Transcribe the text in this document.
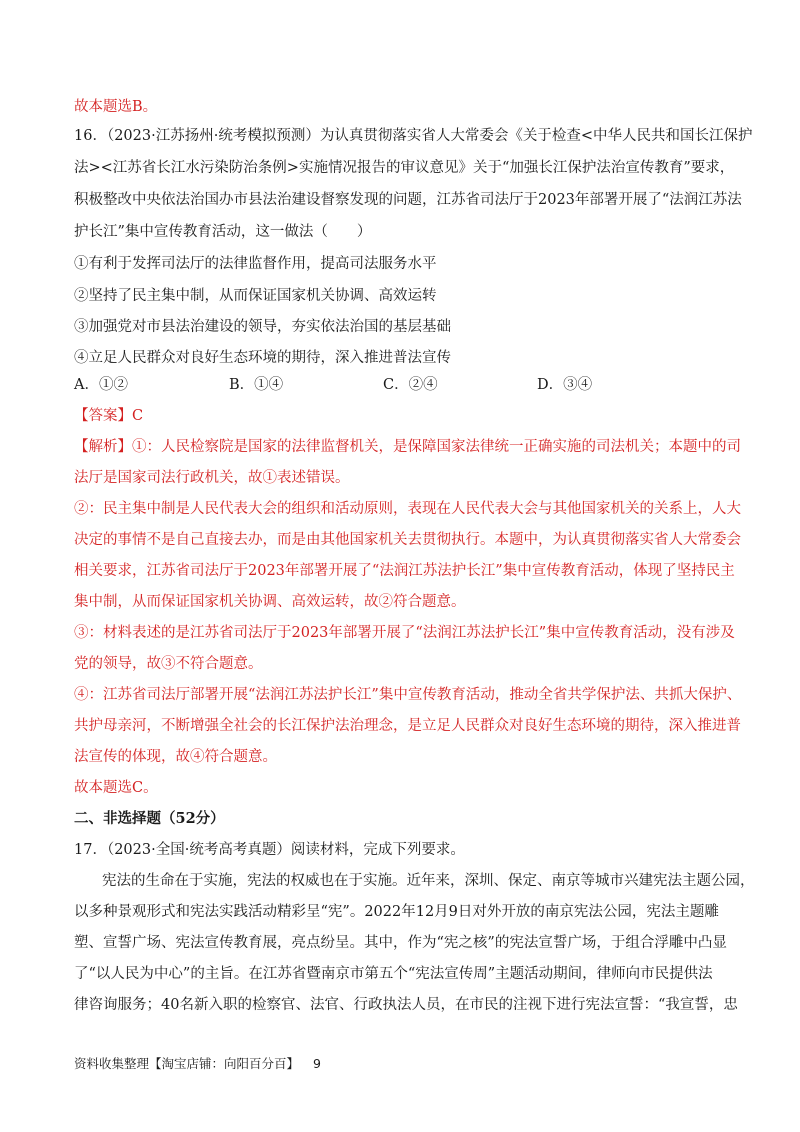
故本题选B。
16．（2023·江苏扬州·统考模拟预测）为认真贯彻落实省人大常委会《关于检查<中华人民共和国长江保护
法><江苏省长江水污染防治条例>实施情况报告的审议意见》关于“加强长江保护法治宣传教育”要求，
积极整改中央依法治国办市县法治建设督察发现的问题，江苏省司法厅于2023年部署开展了“法润江苏法
护长江”集中宣传教育活动，这一做法（　　）
①有利于发挥司法厅的法律监督作用，提高司法服务水平
②坚持了民主集中制，从而保证国家机关协调、高效运转
③加强党对市县法治建设的领导，夯实依法治国的基层基础
④立足人民群众对良好生态环境的期待，深入推进普法宣传
A．①②	B．①④	C．②④	D．③④
【答案】C
【解析】①：人民检察院是国家的法律监督机关，是保障国家法律统一正确实施的司法机关；本题中的司
法厅是国家司法行政机关，故①表述错误。
②：民主集中制是人民代表大会的组织和活动原则，表现在人民代表大会与其他国家机关的关系上，人大
决定的事情不是自己直接去办，而是由其他国家机关去贯彻执行。本题中，为认真贯彻落实省人大常委会
相关要求，江苏省司法厅于2023年部署开展了“法润江苏法护长江”集中宣传教育活动，体现了坚持民主
集中制，从而保证国家机关协调、高效运转，故②符合题意。
③：材料表述的是江苏省司法厅于2023年部署开展了“法润江苏法护长江”集中宣传教育活动，没有涉及
党的领导，故③不符合题意。
④：江苏省司法厅部署开展“法润江苏法护长江”集中宣传教育活动，推动全省共学保护法、共抓大保护、
共护母亲河，不断增强全社会的长江保护法治理念，是立足人民群众对良好生态环境的期待，深入推进普
法宣传的体现，故④符合题意。
故本题选C。
二、非选择题（52分）
17．（2023·全国·统考高考真题）阅读材料，完成下列要求。
宪法的生命在于实施，宪法的权威也在于实施。近年来，深圳、保定、南京等城市兴建宪法主题公园，
以多种景观形式和宪法实践活动精彩呈“宪”。2022年12月9日对外开放的南京宪法公园，宪法主题雕
塑、宣誓广场、宪法宣传教育展，亮点纷呈。其中，作为“宪之核”的宪法宣誓广场，于组合浮雕中凸显
了“以人民为中心”的主旨。在江苏省暨南京市第五个“宪法宣传周”主题活动期间，律师向市民提供法
律咨询服务；40名新入职的检察官、法官、行政执法人员，在市民的注视下进行宪法宣誓：“我宣誓，忠
资料收集整理【淘宝店铺：向阳百分百】 9
